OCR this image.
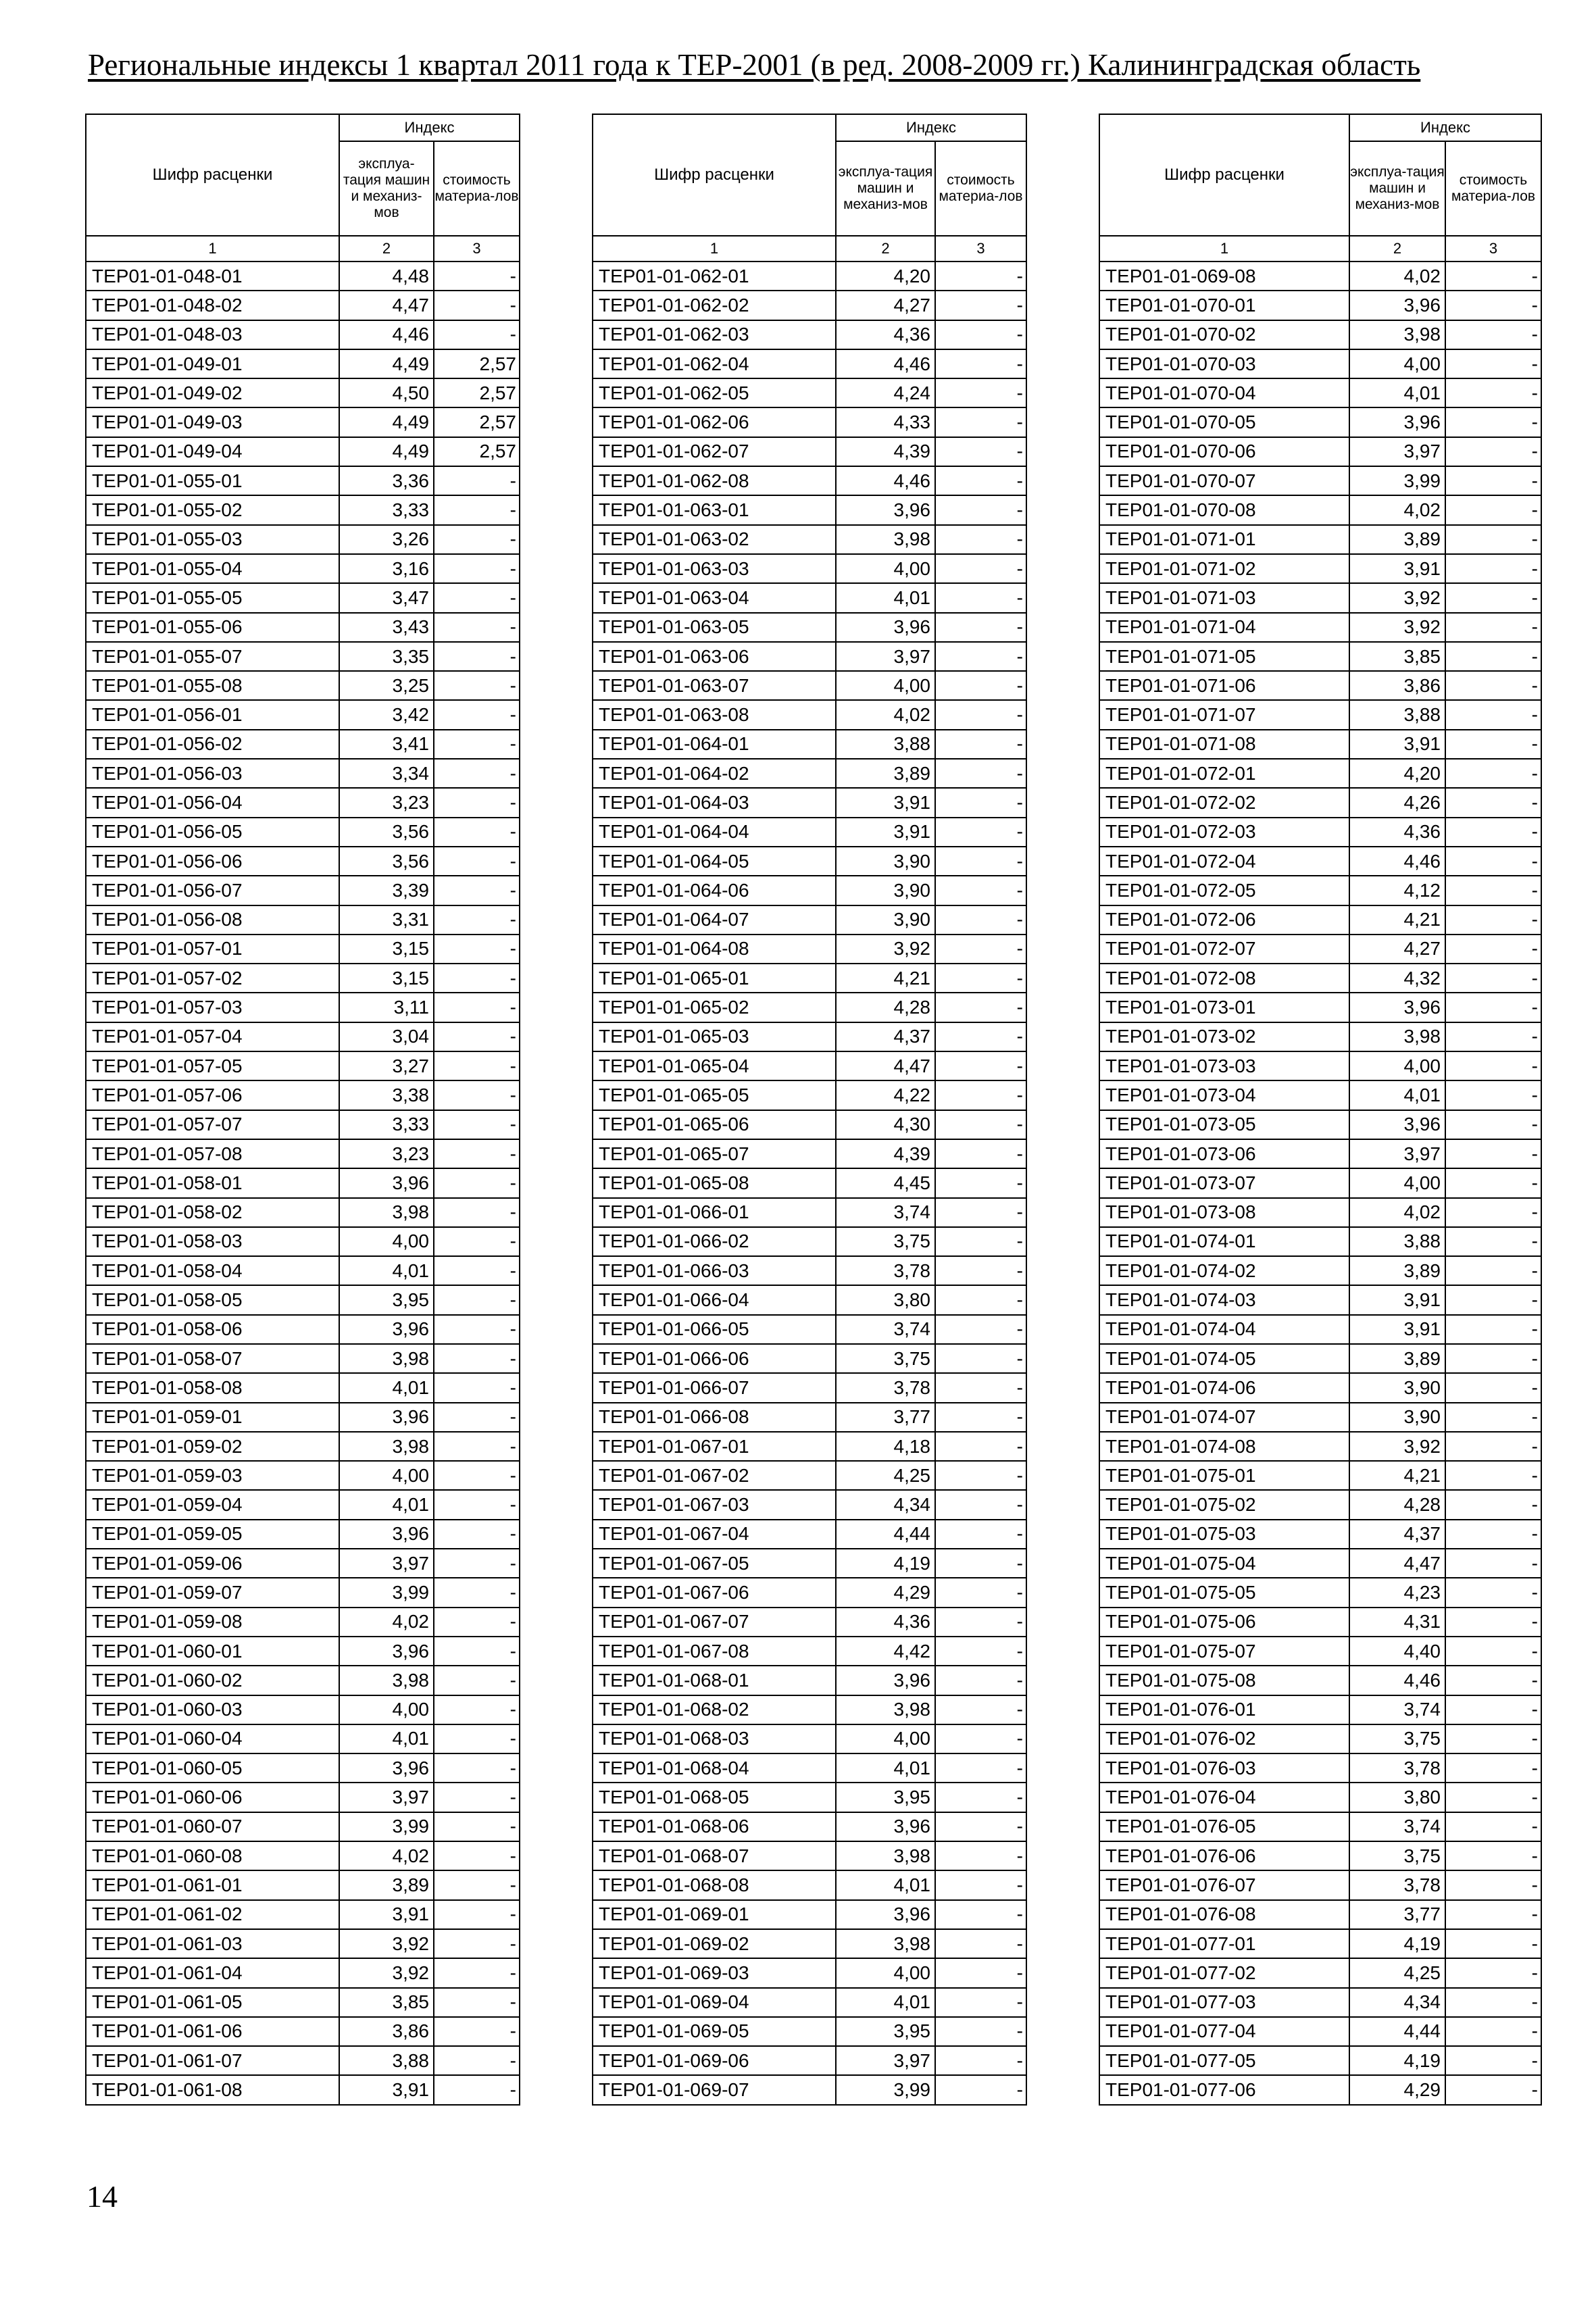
Региональные индексы 1 квартал 2011 года к ТЕР-2001 (в ред. 2008-2009 гг.) Калининградская область
Шифр расценки	Индекс	
	эксплуа-тация машин и механиз-мов	стоимость материа-лов
1	2	3
ТЕР01-01-048-01	4,48	-
ТЕР01-01-048-02	4,47	-
ТЕР01-01-048-03	4,46	-
ТЕР01-01-049-01	4,49	2,57
ТЕР01-01-049-02	4,50	2,57
ТЕР01-01-049-03	4,49	2,57
ТЕР01-01-049-04	4,49	2,57
ТЕР01-01-055-01	3,36	-
ТЕР01-01-055-02	3,33	-
ТЕР01-01-055-03	3,26	-
ТЕР01-01-055-04	3,16	-
ТЕР01-01-055-05	3,47	-
ТЕР01-01-055-06	3,43	-
ТЕР01-01-055-07	3,35	-
ТЕР01-01-055-08	3,25	-
ТЕР01-01-056-01	3,42	-
ТЕР01-01-056-02	3,41	-
ТЕР01-01-056-03	3,34	-
ТЕР01-01-056-04	3,23	-
ТЕР01-01-056-05	3,56	-
ТЕР01-01-056-06	3,56	-
ТЕР01-01-056-07	3,39	-
ТЕР01-01-056-08	3,31	-
ТЕР01-01-057-01	3,15	-
ТЕР01-01-057-02	3,15	-
ТЕР01-01-057-03	3,11	-
ТЕР01-01-057-04	3,04	-
ТЕР01-01-057-05	3,27	-
ТЕР01-01-057-06	3,38	-
ТЕР01-01-057-07	3,33	-
ТЕР01-01-057-08	3,23	-
ТЕР01-01-058-01	3,96	-
ТЕР01-01-058-02	3,98	-
ТЕР01-01-058-03	4,00	-
ТЕР01-01-058-04	4,01	-
ТЕР01-01-058-05	3,95	-
ТЕР01-01-058-06	3,96	-
ТЕР01-01-058-07	3,98	-
ТЕР01-01-058-08	4,01	-
ТЕР01-01-059-01	3,96	-
ТЕР01-01-059-02	3,98	-
ТЕР01-01-059-03	4,00	-
ТЕР01-01-059-04	4,01	-
ТЕР01-01-059-05	3,96	-
ТЕР01-01-059-06	3,97	-
ТЕР01-01-059-07	3,99	-
ТЕР01-01-059-08	4,02	-
ТЕР01-01-060-01	3,96	-
ТЕР01-01-060-02	3,98	-
ТЕР01-01-060-03	4,00	-
ТЕР01-01-060-04	4,01	-
ТЕР01-01-060-05	3,96	-
ТЕР01-01-060-06	3,97	-
ТЕР01-01-060-07	3,99	-
ТЕР01-01-060-08	4,02	-
ТЕР01-01-061-01	3,89	-
ТЕР01-01-061-02	3,91	-
ТЕР01-01-061-03	3,92	-
ТЕР01-01-061-04	3,92	-
ТЕР01-01-061-05	3,85	-
ТЕР01-01-061-06	3,86	-
ТЕР01-01-061-07	3,88	-
ТЕР01-01-061-08	3,91	-
Шифр расценки	Индекс	
	эксплуа-тация машин и механиз-мов	стоимость материа-лов
1	2	3
ТЕР01-01-062-01	4,20	-
ТЕР01-01-062-02	4,27	-
ТЕР01-01-062-03	4,36	-
ТЕР01-01-062-04	4,46	-
ТЕР01-01-062-05	4,24	-
ТЕР01-01-062-06	4,33	-
ТЕР01-01-062-07	4,39	-
ТЕР01-01-062-08	4,46	-
ТЕР01-01-063-01	3,96	-
ТЕР01-01-063-02	3,98	-
ТЕР01-01-063-03	4,00	-
ТЕР01-01-063-04	4,01	-
ТЕР01-01-063-05	3,96	-
ТЕР01-01-063-06	3,97	-
ТЕР01-01-063-07	4,00	-
ТЕР01-01-063-08	4,02	-
ТЕР01-01-064-01	3,88	-
ТЕР01-01-064-02	3,89	-
ТЕР01-01-064-03	3,91	-
ТЕР01-01-064-04	3,91	-
ТЕР01-01-064-05	3,90	-
ТЕР01-01-064-06	3,90	-
ТЕР01-01-064-07	3,90	-
ТЕР01-01-064-08	3,92	-
ТЕР01-01-065-01	4,21	-
ТЕР01-01-065-02	4,28	-
ТЕР01-01-065-03	4,37	-
ТЕР01-01-065-04	4,47	-
ТЕР01-01-065-05	4,22	-
ТЕР01-01-065-06	4,30	-
ТЕР01-01-065-07	4,39	-
ТЕР01-01-065-08	4,45	-
ТЕР01-01-066-01	3,74	-
ТЕР01-01-066-02	3,75	-
ТЕР01-01-066-03	3,78	-
ТЕР01-01-066-04	3,80	-
ТЕР01-01-066-05	3,74	-
ТЕР01-01-066-06	3,75	-
ТЕР01-01-066-07	3,78	-
ТЕР01-01-066-08	3,77	-
ТЕР01-01-067-01	4,18	-
ТЕР01-01-067-02	4,25	-
ТЕР01-01-067-03	4,34	-
ТЕР01-01-067-04	4,44	-
ТЕР01-01-067-05	4,19	-
ТЕР01-01-067-06	4,29	-
ТЕР01-01-067-07	4,36	-
ТЕР01-01-067-08	4,42	-
ТЕР01-01-068-01	3,96	-
ТЕР01-01-068-02	3,98	-
ТЕР01-01-068-03	4,00	-
ТЕР01-01-068-04	4,01	-
ТЕР01-01-068-05	3,95	-
ТЕР01-01-068-06	3,96	-
ТЕР01-01-068-07	3,98	-
ТЕР01-01-068-08	4,01	-
ТЕР01-01-069-01	3,96	-
ТЕР01-01-069-02	3,98	-
ТЕР01-01-069-03	4,00	-
ТЕР01-01-069-04	4,01	-
ТЕР01-01-069-05	3,95	-
ТЕР01-01-069-06	3,97	-
ТЕР01-01-069-07	3,99	-
Шифр расценки	Индекс	
	эксплуа-тация машин и механиз-мов	стоимость материа-лов
1	2	3
ТЕР01-01-069-08	4,02	-
ТЕР01-01-070-01	3,96	-
ТЕР01-01-070-02	3,98	-
ТЕР01-01-070-03	4,00	-
ТЕР01-01-070-04	4,01	-
ТЕР01-01-070-05	3,96	-
ТЕР01-01-070-06	3,97	-
ТЕР01-01-070-07	3,99	-
ТЕР01-01-070-08	4,02	-
ТЕР01-01-071-01	3,89	-
ТЕР01-01-071-02	3,91	-
ТЕР01-01-071-03	3,92	-
ТЕР01-01-071-04	3,92	-
ТЕР01-01-071-05	3,85	-
ТЕР01-01-071-06	3,86	-
ТЕР01-01-071-07	3,88	-
ТЕР01-01-071-08	3,91	-
ТЕР01-01-072-01	4,20	-
ТЕР01-01-072-02	4,26	-
ТЕР01-01-072-03	4,36	-
ТЕР01-01-072-04	4,46	-
ТЕР01-01-072-05	4,12	-
ТЕР01-01-072-06	4,21	-
ТЕР01-01-072-07	4,27	-
ТЕР01-01-072-08	4,32	-
ТЕР01-01-073-01	3,96	-
ТЕР01-01-073-02	3,98	-
ТЕР01-01-073-03	4,00	-
ТЕР01-01-073-04	4,01	-
ТЕР01-01-073-05	3,96	-
ТЕР01-01-073-06	3,97	-
ТЕР01-01-073-07	4,00	-
ТЕР01-01-073-08	4,02	-
ТЕР01-01-074-01	3,88	-
ТЕР01-01-074-02	3,89	-
ТЕР01-01-074-03	3,91	-
ТЕР01-01-074-04	3,91	-
ТЕР01-01-074-05	3,89	-
ТЕР01-01-074-06	3,90	-
ТЕР01-01-074-07	3,90	-
ТЕР01-01-074-08	3,92	-
ТЕР01-01-075-01	4,21	-
ТЕР01-01-075-02	4,28	-
ТЕР01-01-075-03	4,37	-
ТЕР01-01-075-04	4,47	-
ТЕР01-01-075-05	4,23	-
ТЕР01-01-075-06	4,31	-
ТЕР01-01-075-07	4,40	-
ТЕР01-01-075-08	4,46	-
ТЕР01-01-076-01	3,74	-
ТЕР01-01-076-02	3,75	-
ТЕР01-01-076-03	3,78	-
ТЕР01-01-076-04	3,80	-
ТЕР01-01-076-05	3,74	-
ТЕР01-01-076-06	3,75	-
ТЕР01-01-076-07	3,78	-
ТЕР01-01-076-08	3,77	-
ТЕР01-01-077-01	4,19	-
ТЕР01-01-077-02	4,25	-
ТЕР01-01-077-03	4,34	-
ТЕР01-01-077-04	4,44	-
ТЕР01-01-077-05	4,19	-
ТЕР01-01-077-06	4,29	-
14
